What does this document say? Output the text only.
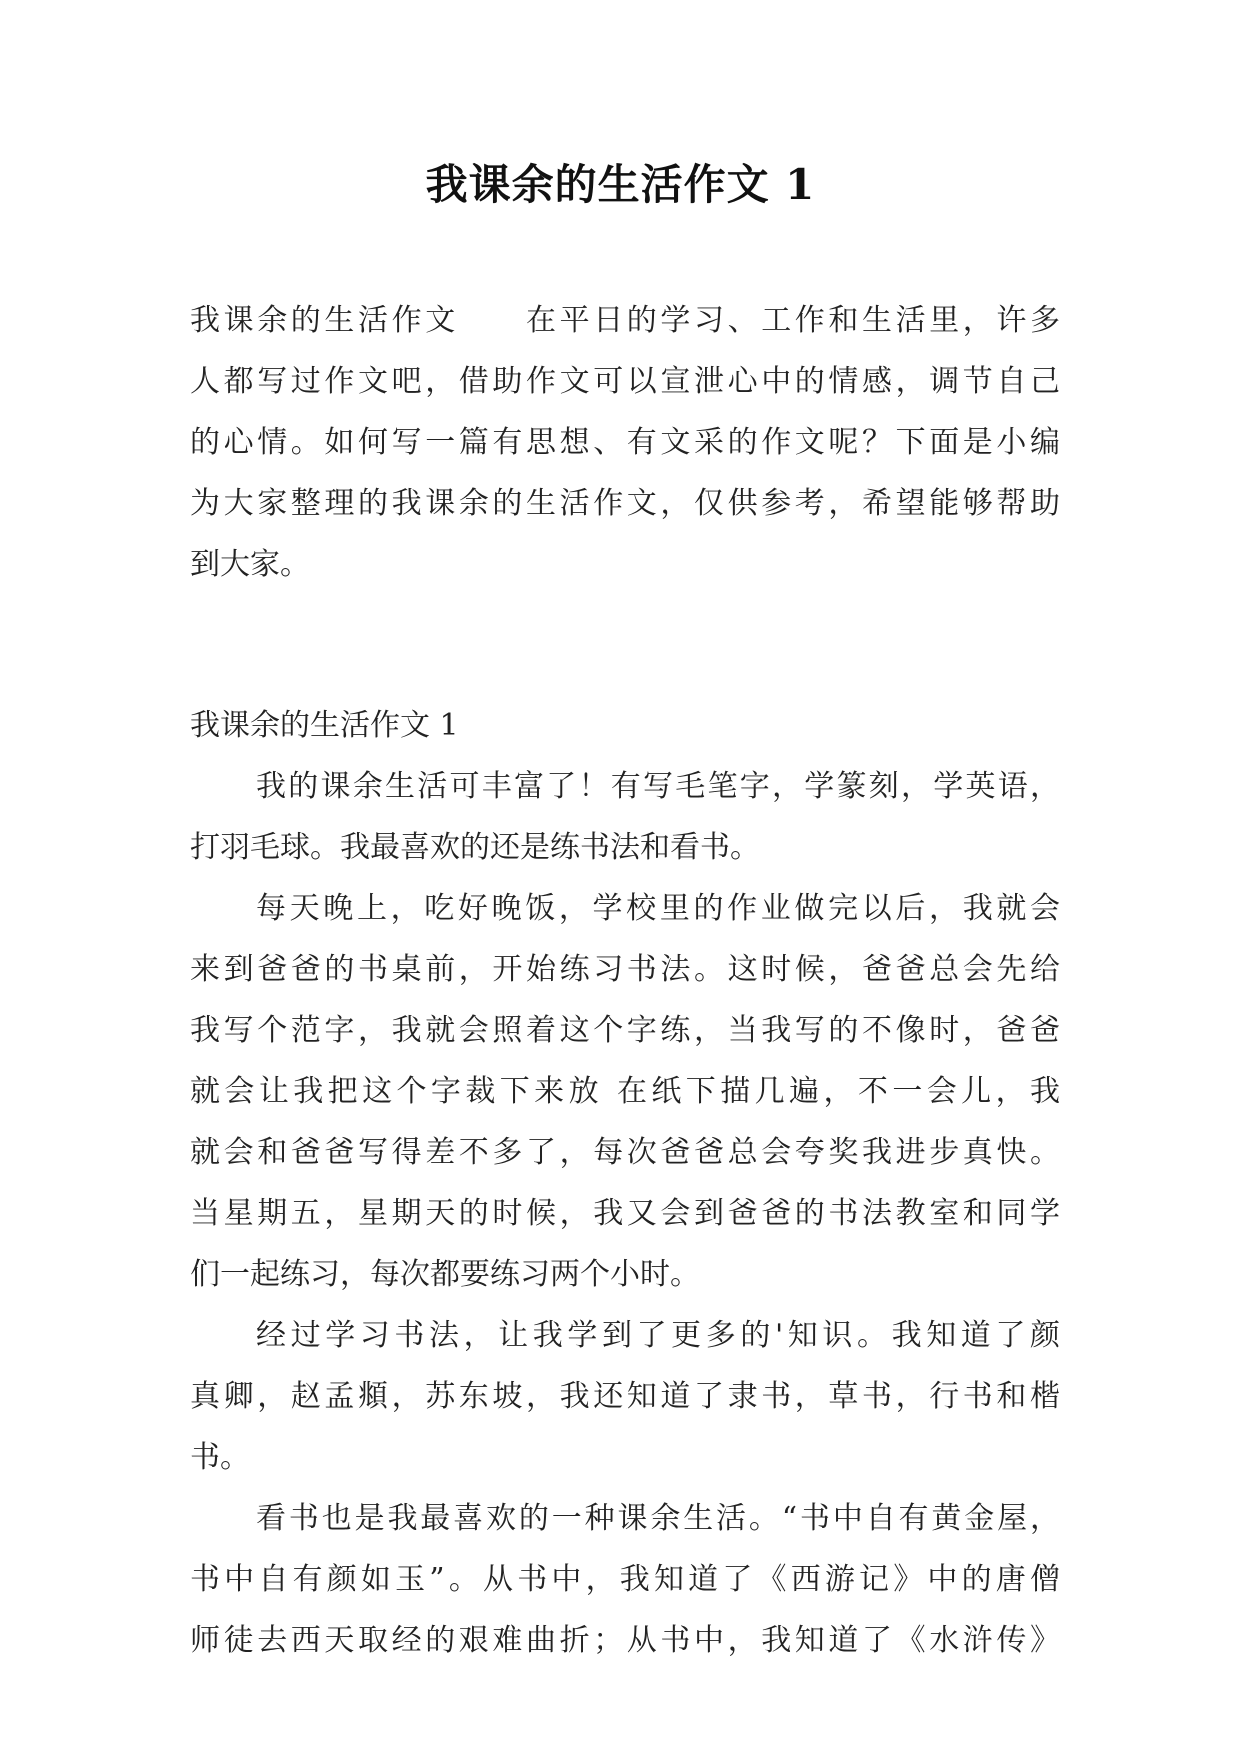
我课余的生活作文 1
我课余的生活作文　　在平日的学习、工作和生活里，许多
人都写过作文吧，借助作文可以宣泄心中的情感，调节自己
的心情。如何写一篇有思想、有文采的作文呢？下面是小编
为大家整理的我课余的生活作文，仅供参考，希望能够帮助
到大家。
我课余的生活作文 1
我的课余生活可丰富了！有写毛笔字，学篆刻，学英语，
打羽毛球。我最喜欢的还是练书法和看书。
每天晚上，吃好晚饭，学校里的作业做完以后，我就会
来到爸爸的书桌前，开始练习书法。这时候，爸爸总会先给
我写个范字，我就会照着这个字练，当我写的不像时，爸爸
就会让我把这个字裁下来放 在纸下描几遍，不一会儿，我
就会和爸爸写得差不多了，每次爸爸总会夸奖我进步真快。
当星期五，星期天的时候，我又会到爸爸的书法教室和同学
们一起练习，每次都要练习两个小时。
经过学习书法，让我学到了更多的'知识。我知道了颜
真卿，赵孟頫，苏东坡，我还知道了隶书，草书，行书和楷
书。
看书也是我最喜欢的一种课余生活。“书中自有黄金屋，
书中自有颜如玉”。从书中，我知道了《西游记》中的唐僧
师徒去西天取经的艰难曲折；从书中，我知道了《水浒传》
